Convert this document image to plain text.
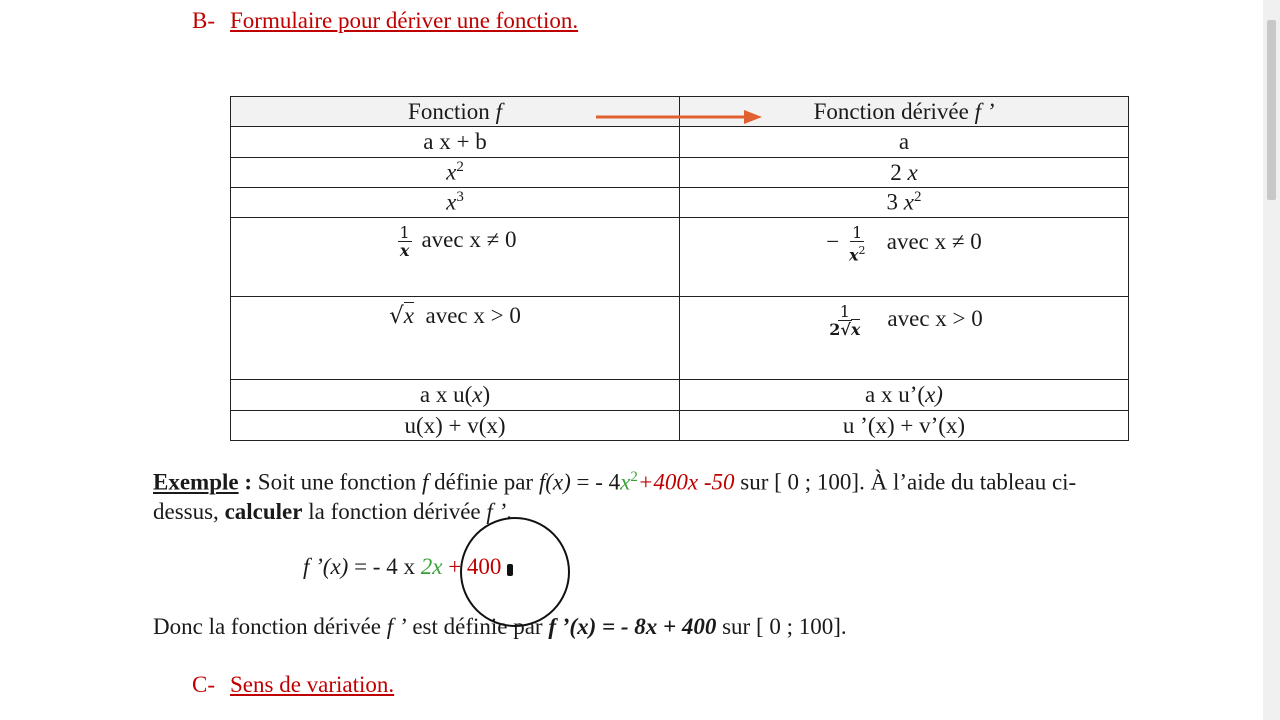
B- Formulaire pour dériver une fonction.
Fonction f	Fonction dérivée f ’
a x + b	a
$x^2$	2 x
$x^3$	3 $x^2$

$\frac{1}{x}$ avec x ≠ 0	− $\frac{1}{x^2}$ avec x ≠ 0
√x avec x > 0	$\frac{1}{2√x}$ avec x > 0
a x u(x)	a x u’(x)
u(x) + v(x)	u ’(x) + v’(x)
Exemple : Soit une fonction f définie par f(x) = - $4x^2+400x$ -50 sur [ 0 ; 100]. À l’aide du tableau ci-dessus, calculer la fonction dérivée f ’.
f ’(x) = - 4 x 2x + 400
Donc la fonction dérivée f ’ est définie par f ’(x) = - 8x + 400 sur [ 0 ; 100].
C- Sens de variation.
